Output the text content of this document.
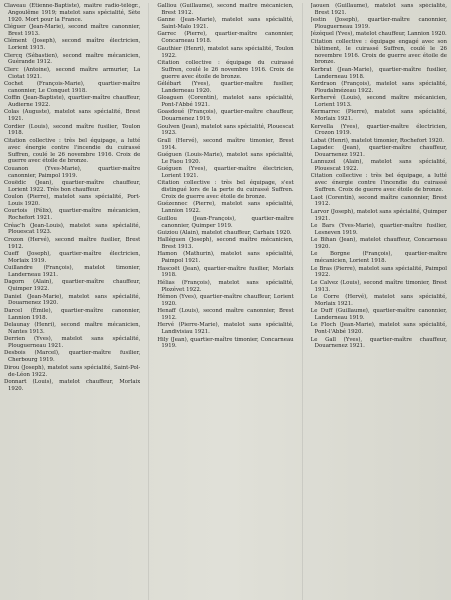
Claveau (Étienne-Baptiste), maître radio-télégr., Angoulême 1919; matelot sans spécialité, Sète 1920. Mort pour la France.

Cléguer (Jean-Marie), second maître canonnier, Brest 1913.

Clément (Joseph), second maître électricien, Lorient 1915.

Clercq (Sébastien), second maître mécanicien, Guérande 1912.

Clerc (Antoine), second maître armurier, La Ciotat 1921.

Cochet (François-Marie), quartier-maître canonnier, Le Conquet 1918.

Coffin (Jean-Baptiste), quartier-maître chauffeur, Audierne 1922.

Colas (Auguste), matelot sans spécialité, Brest 1921.

Cordier (Louis), second maître fusilier, Toulon 1918.

Citation collective : très bel équipage, a lutté avec énergie contre l'incendie du cuirassé Suffren, coulé le 26 novembre 1916. Croix de guerre avec étoile de bronze.

Couanon (Yves-Marie), quartier-maître canonnier, Paimpol 1919.

Couëdic (Jean), quartier-maître chauffeur, Lorient 1922. Très bon chauffeur.

Coulon (Pierre), matelot sans spécialité, Port-Louis 1920.

Courtois (Félix), quartier-maître mécanicien, Rochefort 1921.

Créac'h (Jean-Louis), matelot sans spécialité, Plouescat 1923.

Crozon (Hervé), second maître fusilier, Brest 1912.

Cueff (Joseph), quartier-maître électricien, Morlaix 1919.

Cuillandre (François), matelot timonier, Landerneau 1921.

Dagorn (Alain), quartier-maître chauffeur, Quimper 1922.

Daniel (Jean-Marie), matelot sans spécialité, Douarnenez 1920.

Darcel (Émile), quartier-maître canonnier, Lannion 1918.

Delaunay (Henri), second maître mécanicien, Nantes 1913.

Derrien (Yves), matelot sans spécialité, Plouguerneau 1921.

Desbois (Marcel), quartier-maître fusilier, Cherbourg 1919.

Dirou (Joseph), matelot sans spécialité, Saint-Pol-de-Léon 1922.

Donnart (Louis), matelot chauffeur, Morlaix 1920.

Galliou (Guillaume), second maître mécanicien, Brest 1912.

Ganne (Jean-Marie), matelot sans spécialité, Saint-Malo 1921.

Garrec (Pierre), quartier-maître canonnier, Concarneau 1918.

Gauthier (Henri), matelot sans spécialité, Toulon 1922.

Citation collective : équipage du cuirassé Suffren, coulé le 26 novembre 1916. Croix de guerre avec étoile de bronze.

Gélébart (Yves), quartier-maître fusilier, Landerneau 1920.

Gloaguen (Corentin), matelot sans spécialité, Pont-l'Abbé 1921.

Goasdoué (François), quartier-maître chauffeur, Douarnenez 1919.

Goulven (Jean), matelot sans spécialité, Plouescat 1923.

Grall (Hervé), second maître timonier, Brest 1914.

Guéguen (Louis-Marie), matelot sans spécialité, Le Faou 1920.

Guéguen (Yves), quartier-maître électricien, Lorient 1921.

Citation collective : très bel équipage, s'est distingué lors de la perte du cuirassé Suffren. Croix de guerre avec étoile de bronze.

Guézennec (Pierre), matelot sans spécialité, Lannion 1922.

Guillou (Jean-François), quartier-maître canonnier, Quimper 1919.

Guiziou (Alain), matelot chauffeur, Carhaix 1920.

Halléguen (Joseph), second maître mécanicien, Brest 1913.

Hamon (Mathurin), matelot sans spécialité, Paimpol 1921.

Hascoët (Jean), quartier-maître fusilier, Morlaix 1918.

Hélias (François), matelot sans spécialité, Plozévet 1922.

Hémon (Yves), quartier-maître chauffeur, Lorient 1920.

Henaff (Louis), second maître canonnier, Brest 1912.

Hervé (Pierre-Marie), matelot sans spécialité, Landivisiau 1921.

Hily (Jean), quartier-maître timonier, Concarneau 1919.

Jaouen (Guillaume), matelot sans spécialité, Brest 1921.

Jestin (Joseph), quartier-maître canonnier, Plouguerneau 1919.

Jézéquel (Yves), matelot chauffeur, Lannion 1920.

Citation collective : équipage engagé avec son bâtiment, le cuirassé Suffren, coulé le 26 novembre 1916. Croix de guerre avec étoile de bronze.

Kerbrat (Jean-Marie), quartier-maître fusilier, Landerneau 1918.

Kerdraon (François), matelot sans spécialité, Ploudalmézeau 1922.

Kerhervé (Louis), second maître mécanicien, Lorient 1913.

Kermarrec (Pierre), matelot sans spécialité, Morlaix 1921.

Kervella (Yves), quartier-maître électricien, Crozon 1919.

Labat (Henri), matelot timonier, Rochefort 1920.

Lagadec (Jean), quartier-maître chauffeur, Douarnenez 1921.

Lannuzel (Alain), matelot sans spécialité, Plouescat 1922.

Citation collective : très bel équipage, a lutté avec énergie contre l'incendie du cuirassé Suffren. Croix de guerre avec étoile de bronze.

Laot (Corentin), second maître canonnier, Brest 1912.

Larvor (Joseph), matelot sans spécialité, Quimper 1921.

Le Bars (Yves-Marie), quartier-maître fusilier, Lesneven 1919.

Le Bihan (Jean), matelot chauffeur, Concarneau 1920.

Le Borgne (François), quartier-maître mécanicien, Lorient 1918.

Le Bras (Pierre), matelot sans spécialité, Paimpol 1922.

Le Calvez (Louis), second maître timonier, Brest 1913.

Le Corre (Hervé), matelot sans spécialité, Morlaix 1921.

Le Duff (Guillaume), quartier-maître canonnier, Landerneau 1919.

Le Floch (Jean-Marie), matelot sans spécialité, Pont-l'Abbé 1920.

Le Gall (Yves), quartier-maître chauffeur, Douarnenez 1921.
